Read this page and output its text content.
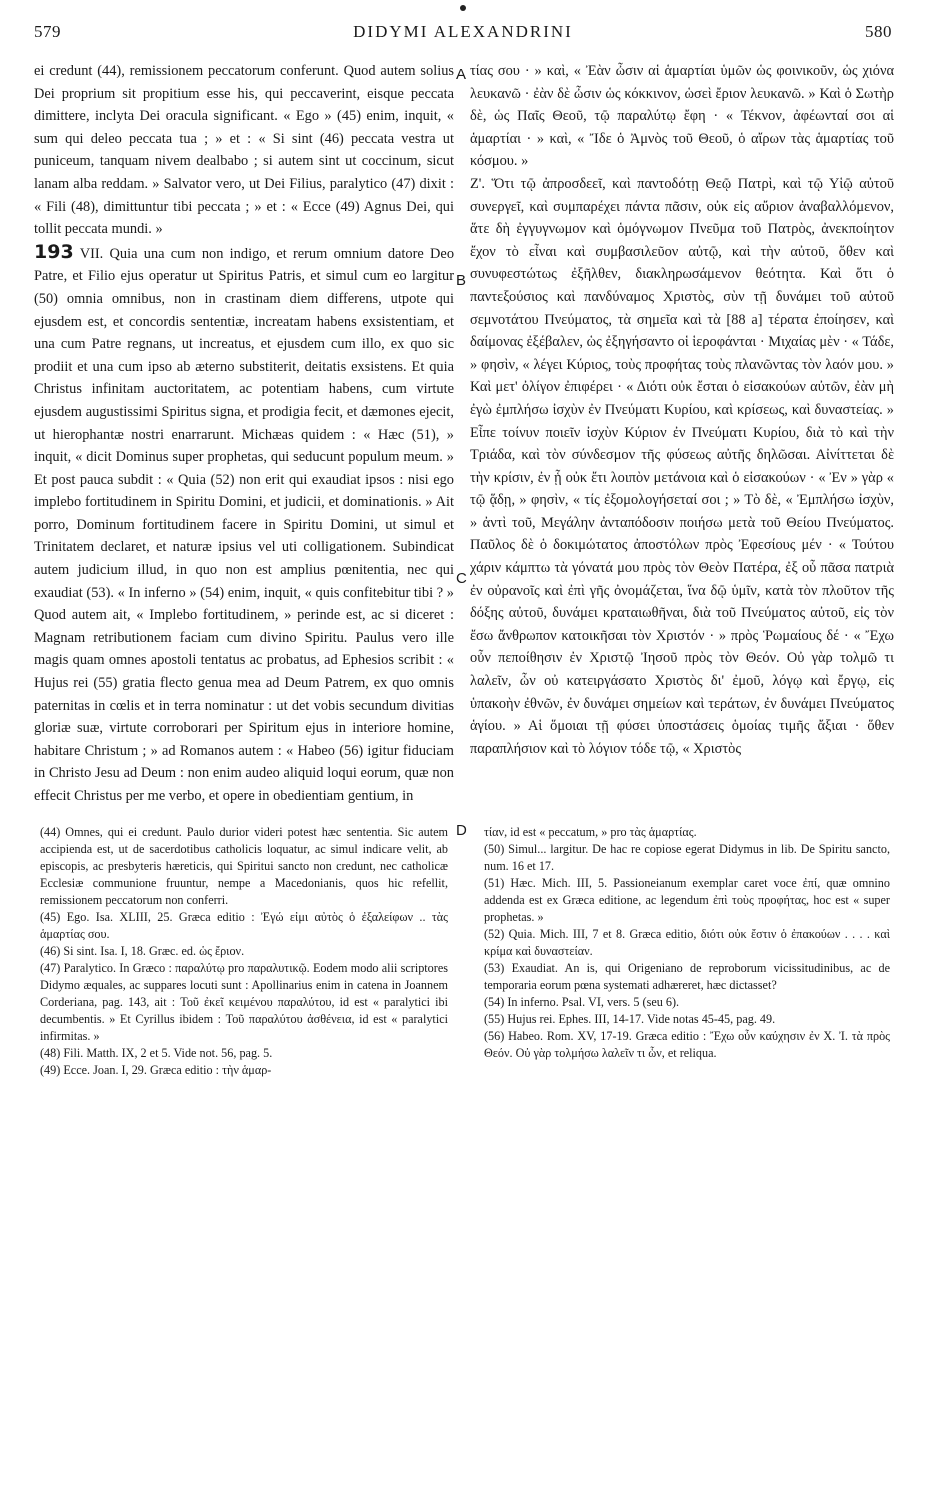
579	DIDYMI ALEXANDRINI	580
A
B
C
D

ei credunt (44), remissionem peccatorum conferunt. Quod autem solius Dei proprium sit propitium esse his, qui peccaverint, eisque peccata dimittere, inclyta Dei oracula significant. « Ego » (45) enim, inquit, « sum qui deleo peccata tua ; » et : « Si sint (46) peccata vestra ut puniceum, tanquam nivem dealbabo ; si autem sint ut coccinum, sicut lanam alba reddam. » Salvator vero, ut Dei Filius, paralytico (47) dixit : « Fili (48), dimittuntur tibi peccata ; » et : « Ecce (49) Agnus Dei, qui tollit peccata mundi. »

193 VII. Quia una cum non indigo, et rerum omnium datore Deo Patre, et Filio ejus operatur ut Spiritus Patris, et simul cum eo largitur (50) omnia omnibus, non in crastinam diem differens, utpote qui ejusdem est, et concordis sententiæ, increatam habens exsistentiam, et una cum Patre regnans, ut increatus, et ejusdem cum illo, ex quo sic prodiit et una cum ipso ab æterno substiterit, deitatis exsistens. Et quia Christus infinitam auctoritatem, ac potentiam habens, cum virtute ejusdem augustissimi Spiritus signa, et prodigia fecit, et dæmones ejecit, ut hierophantæ nostri enarrarunt. Michæas quidem : « Hæc (51), » inquit, « dicit Dominus super prophetas, qui seducunt populum meum. » Et post pauca subdit : « Quia (52) non erit qui exaudiat ipsos : nisi ego implebo fortitudinem in Spiritu Domini, et judicii, et dominationis. » Ait porro, Dominum fortitudinem facere in Spiritu Domini, ut simul et Trinitatem declaret, et naturæ ipsius vel uti colligationem. Subindicat autem judicium illud, in quo non est amplius pœnitentia, nec qui exaudiat (53). « In inferno » (54) enim, inquit, « quis confitebitur tibi ? » Quod autem ait, « Implebo fortitudinem, » perinde est, ac si diceret : Magnam retributionem faciam cum divino Spiritu. Paulus vero ille magis quam omnes apostoli tentatus ac probatus, ad Ephesios scribit : « Hujus rei (55) gratia flecto genua mea ad Deum Patrem, ex quo omnis paternitas in cœlis et in terra nominatur : ut det vobis secundum divitias gloriæ suæ, virtute corroborari per Spiritum ejus in interiore homine, habitare Christum ; » ad Romanos autem : « Habeo (56) igitur fiduciam in Christo Jesu ad Deum : non enim audeo aliquid loqui eorum, quæ non effecit Christus per me verbo, et opere in obedientiam gentium, in

τίας σου · » καὶ, « Ἐὰν ὦσιν αἱ ἁμαρτίαι ὑμῶν ὡς φοινικοῦν, ὡς χιόνα λευκανῶ · ἐὰν δὲ ὦσιν ὡς κόκκινον, ὡσεὶ ἔριον λευκανῶ. » Καὶ ὁ Σωτὴρ δὲ, ὡς Παῖς Θεοῦ, τῷ παραλύτῳ ἔφη · « Τέκνον, ἀφέωνταί σοι αἱ ἁμαρτίαι · » καὶ, « Ἴδε ὁ Ἀμνὸς τοῦ Θεοῦ, ὁ αἴρων τὰς ἁμαρτίας τοῦ κόσμου. »

Ζ'. Ὅτι τῷ ἀπροσδεεῖ, καὶ παντοδότῃ Θεῷ Πατρὶ, καὶ τῷ Υἱῷ αὐτοῦ συνεργεῖ, καὶ συμπαρέχει πάντα πᾶσιν, οὐκ εἰς αὔριον ἀναβαλλόμενον, ἅτε δὴ ἐγγυγνωμον καὶ ὁμόγνωμον Πνεῦμα τοῦ Πατρὸς, ἀνεκποίητον ἔχον τὸ εἶναι καὶ συμβασιλεῦον αὐτῷ, καὶ τὴν αὐτοῦ, ὅθεν καὶ συνυφεστώτως ἐξῆλθεν, διακληρωσάμενον θεότητα. Καὶ ὅτι ὁ παντεξούσιος καὶ πανδύναμος Χριστὸς, σὺν τῇ δυνάμει τοῦ αὐτοῦ σεμνοτάτου Πνεύματος, τὰ σημεῖα καὶ τὰ [88 a] τέρατα ἐποίησεν, καὶ δαίμονας ἐξέβαλεν, ὡς ἐξηγήσαντο οἱ ἱεροφάνται · Μιχαίας μὲν · « Τάδε, » φησὶν, « λέγει Κύριος, τοὺς προφήτας τοὺς πλανῶντας τὸν λαόν μου. » Καὶ μετ' ὀλίγον ἐπιφέρει · « Διότι οὐκ ἔσται ὁ εἰσακούων αὐτῶν, ἐὰν μὴ ἐγὼ ἐμπλήσω ἰσχὺν ἐν Πνεύματι Κυρίου, καὶ κρίσεως, καὶ δυναστείας. » Εἶπε τοίνυν ποιεῖν ἰσχὺν Κύριον ἐν Πνεύματι Κυρίου, διὰ τὸ καὶ τὴν Τριάδα, καὶ τὸν σύνδεσμον τῆς φύσεως αὐτῆς δηλῶσαι. Αἰνίττεται δὲ τὴν κρίσιν, ἐν ᾗ οὐκ ἔτι λοιπὸν μετάνοια καὶ ὁ εἰσακούων · « Ἐν » γὰρ « τῷ ᾅδῃ, » φησὶν, « τίς ἐξομολογήσεταί σοι ; » Τὸ δὲ, « Ἐμπλήσω ἰσχὺν, » ἀντὶ τοῦ, Μεγάλην ἀνταπόδοσιν ποιήσω μετὰ τοῦ Θείου Πνεύματος. Παῦλος δὲ ὁ δοκιμώτατος ἀποστόλων πρὸς Ἐφεσίους μέν · « Τούτου χάριν κάμπτω τὰ γόνατά μου πρὸς τὸν Θεὸν Πατέρα, ἐξ οὗ πᾶσα πατριὰ ἐν οὐρανοῖς καὶ ἐπὶ γῆς ὀνομάζεται, ἵνα δῷ ὑμῖν, κατὰ τὸν πλοῦτον τῆς δόξης αὐτοῦ, δυνάμει κραταιωθῆναι, διὰ τοῦ Πνεύματος αὐτοῦ, εἰς τὸν ἔσω ἄνθρωπον κατοικῆσαι τὸν Χριστόν · » πρὸς Ῥωμαίους δέ · « Ἔχω οὖν πεποίθησιν ἐν Χριστῷ Ἰησοῦ πρὸς τὸν Θεόν. Οὐ γὰρ τολμῶ τι λαλεῖν, ὧν οὐ κατειργάσατο Χριστὸς δι' ἐμοῦ, λόγῳ καὶ ἔργῳ, εἰς ὑπακοὴν ἐθνῶν, ἐν δυνάμει σημείων καὶ τεράτων, ἐν δυνάμει Πνεύματος ἁγίου. » Αἱ ὅμοιαι τῇ φύσει ὑποστάσεις ὁμοίας τιμῆς ἄξιαι · ὅθεν παραπλήσιον καὶ τὸ λόγιον τόδε τῷ, « Χριστὸς

(44) Omnes, qui ei credunt. Paulo durior videri potest hæc sententia. Sic autem accipienda est, ut de sacerdotibus catholicis loquatur, ac simul indicare velit, ab episcopis, ac presbyteris hæreticis, qui Spiritui sancto non credunt, nec catholicæ Ecclesiæ communione fruuntur, nempe a Macedonianis, quos hic refellit, remissionem peccatorum non conferri.

(45) Ego. Isa. XLIII, 25. Græca editio : Ἐγώ εἰμι αὐτὸς ὁ ἐξαλείφων .. τὰς ἁμαρτίας σου.

(46) Si sint. Isa. I, 18. Græc. ed. ὡς ἔριον.

(47) Paralytico. In Græco : παραλύτῳ pro παραλυτικῷ. Eodem modo alii scriptores Didymo æquales, ac suppares locuti sunt : Apollinarius enim in catena in Joannem Corderiana, pag. 143, ait : Τοῦ ἐκεῖ κειμένου παραλύτου, id est « paralytici ibi decumbentis. » Et Cyrillus ibidem : Τοῦ παραλύτου ἀσθένεια, id est « paralytici infirmitas. »

(48) Fili. Matth. IX, 2 et 5. Vide not. 56, pag. 5.

(49) Ecce. Joan. I, 29. Græca editio : τὴν ἁμαρ-

τίαν, id est « peccatum, » pro τὰς ἁμαρτίας.

(50) Simul... largitur. De hac re copiose egerat Didymus in lib. De Spiritu sancto, num. 16 et 17.

(51) Hæc. Mich. III, 5. Passioneianum exemplar caret voce ἐπί, quæ omnino addenda est ex Græca editione, ac legendum ἐπὶ τοὺς προφήτας, hoc est « super prophetas. »

(52) Quia. Mich. III, 7 et 8. Græca editio, διότι οὐκ ἔστιν ὁ ἐπακούων . . . . καὶ κρίμα καὶ δυναστείαν.

(53) Exaudiat. An is, qui Origeniano de reproborum vicissitudinibus, ac de temporaria eorum pœna systemati adhæreret, hæc dictasset?

(54) In inferno. Psal. VI, vers. 5 (seu 6).

(55) Hujus rei. Ephes. III, 14-17. Vide notas 45-45, pag. 49.

(56) Habeo. Rom. XV, 17-19. Græca editio : Ἔχω οὖν καύχησιν ἐν Χ. Ἰ. τὰ πρὸς Θεόν. Οὐ γὰρ τολμήσω λαλεῖν τι ὧν, et reliqua.
